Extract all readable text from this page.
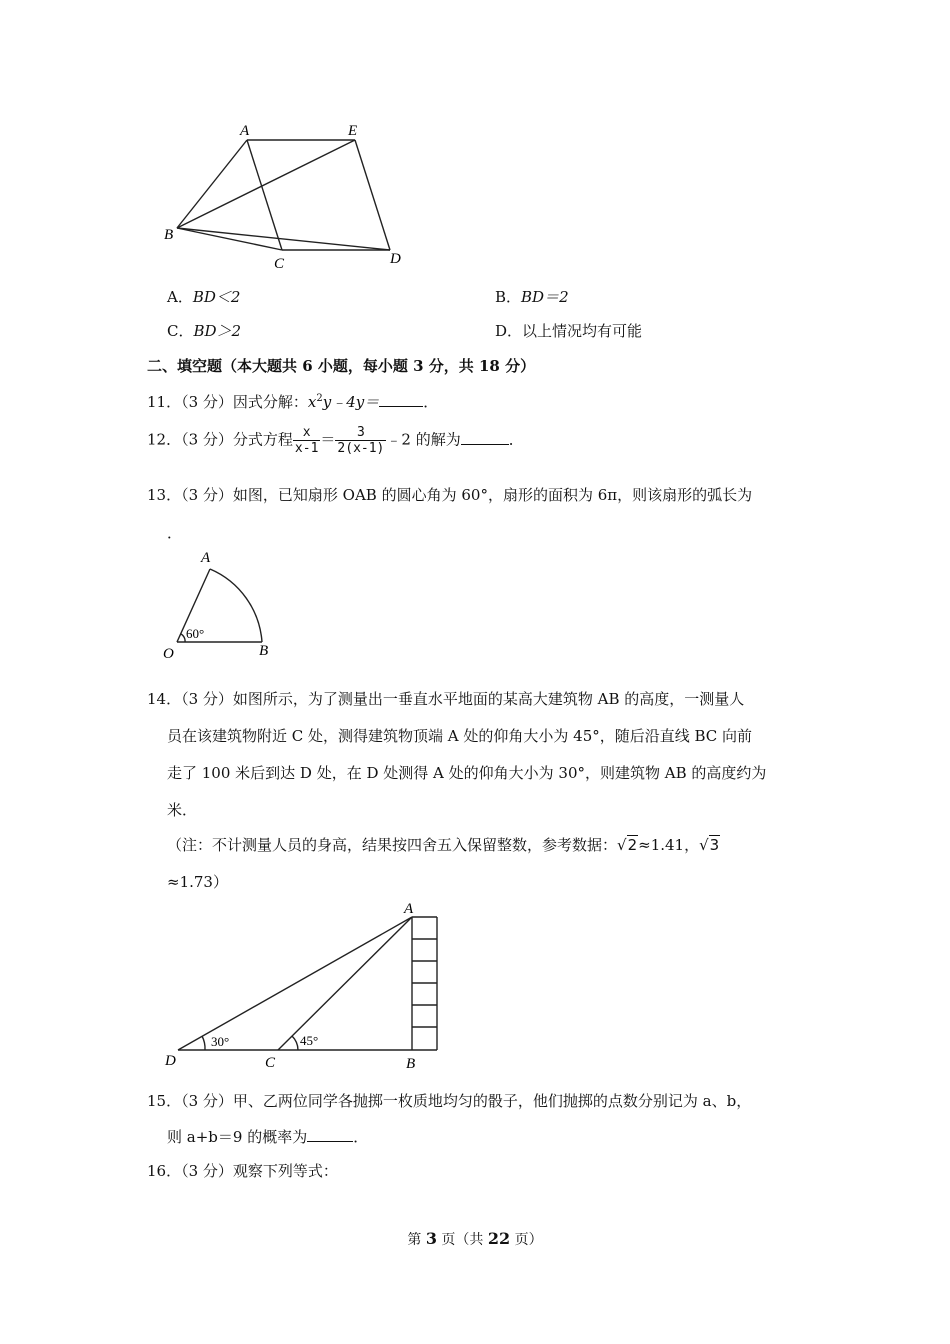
A	E
B
C	D
A．BD＜2	B．BD＝2
C．BD＞2	D．以上情况均有可能
二、填空题（本大题共 6 小题，每小题 3 分，共 18 分）
11．（3 分）因式分解：$x^2y﹣4y=$	．
12．（3 分）分式方程 $\frac{x}{x-1} = \frac{3}{2(x-1)}$ ﹣2 的解为	．
13．（3 分）如图，已知扇形 OAB 的圆心角为 60°，扇形的面积为 6π，则该扇形的弧长为
．
A
O	B
60°
14．（3 分）如图所示，为了测量出一垂直水平地面的某高大建筑物 AB 的高度，一测量人
员在该建筑物附近 C 处，测得建筑物顶端 A 处的仰角大小为 45°，随后沿直线 BC 向前
走了 100 米后到达 D 处，在 D 处测得 A 处的仰角大小为 30°，则建筑物 AB 的高度约为
米．
（注：不计测量人员的身高，结果按四舍五入保留整数，参考数据：√2≈1.41，√3
≈1.73）
A
D	C	B
30°	45°
15．（3 分）甲、乙两位同学各抛掷一枚质地均匀的骰子，他们抛掷的点数分别记为 a、b，
则 a+b＝9 的概率为	．
16．（3 分）观察下列等式：
第 3 页（共 22 页）
